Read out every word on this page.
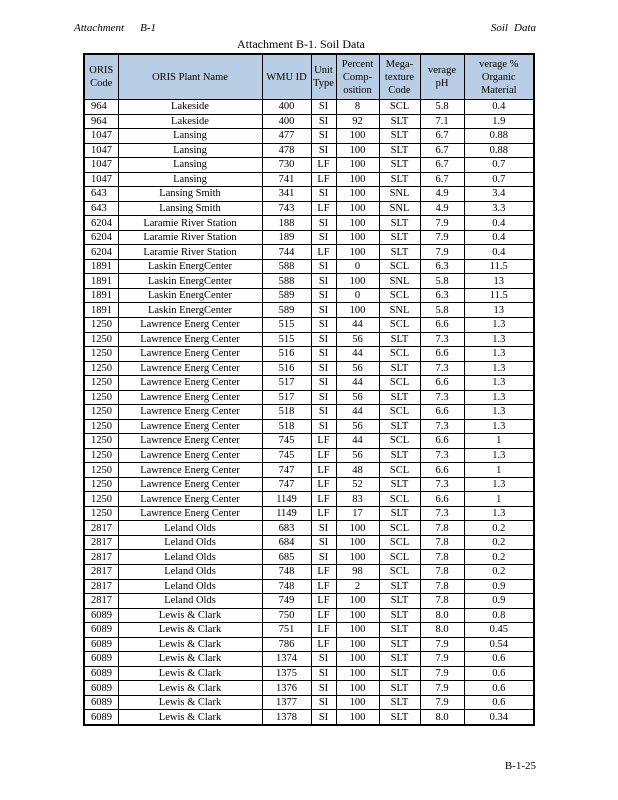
Attachment B-1	Soil Data
Attachment B-1. Soil Data
ORIS Code	ORIS Plant Name	WMU ID	Unit Type	Percent Comp-osition	Mega-texture Code	verage pH	verage % Organic Material
964	Lakeside	400	SI	8	SCL	5.8	0.4
964	Lakeside	400	SI	92	SLT	7.1	1.9
1047	Lansing	477	SI	100	SLT	6.7	0.88
1047	Lansing	478	SI	100	SLT	6.7	0.88
1047	Lansing	730	LF	100	SLT	6.7	0.7
1047	Lansing	741	LF	100	SLT	6.7	0.7
643	Lansing Smith	341	SI	100	SNL	4.9	3.4
643	Lansing Smith	743	LF	100	SNL	4.9	3.3
6204	Laramie River Station	188	SI	100	SLT	7.9	0.4
6204	Laramie River Station	189	SI	100	SLT	7.9	0.4
6204	Laramie River Station	744	LF	100	SLT	7.9	0.4
1891	Laskin EnergCenter	588	SI	0	SCL	6.3	11.5
1891	Laskin EnergCenter	588	SI	100	SNL	5.8	13
1891	Laskin EnergCenter	589	SI	0	SCL	6.3	11.5
1891	Laskin EnergCenter	589	SI	100	SNL	5.8	13
1250	Lawrence Energ Center	515	SI	44	SCL	6.6	1.3
1250	Lawrence Energ Center	515	SI	56	SLT	7.3	1.3
1250	Lawrence Energ Center	516	SI	44	SCL	6.6	1.3
1250	Lawrence Energ Center	516	SI	56	SLT	7.3	1.3
1250	Lawrence Energ Center	517	SI	44	SCL	6.6	1.3
1250	Lawrence Energ Center	517	SI	56	SLT	7.3	1.3
1250	Lawrence Energ Center	518	SI	44	SCL	6.6	1.3
1250	Lawrence Energ Center	518	SI	56	SLT	7.3	1.3
1250	Lawrence Energ Center	745	LF	44	SCL	6.6	1
1250	Lawrence Energ Center	745	LF	56	SLT	7.3	1.3
1250	Lawrence Energ Center	747	LF	48	SCL	6.6	1
1250	Lawrence Energ Center	747	LF	52	SLT	7.3	1.3
1250	Lawrence Energ Center	1149	LF	83	SCL	6.6	1
1250	Lawrence Energ Center	1149	LF	17	SLT	7.3	1.3
2817	Leland Olds	683	SI	100	SCL	7.8	0.2
2817	Leland Olds	684	SI	100	SCL	7.8	0.2
2817	Leland Olds	685	SI	100	SCL	7.8	0.2
2817	Leland Olds	748	LF	98	SCL	7.8	0.2
2817	Leland Olds	748	LF	2	SLT	7.8	0.9
2817	Leland Olds	749	LF	100	SLT	7.8	0.9
6089	Lewis & Clark	750	LF	100	SLT	8.0	0.8
6089	Lewis & Clark	751	LF	100	SLT	8.0	0.45
6089	Lewis & Clark	786	LF	100	SLT	7.9	0.54
6089	Lewis & Clark	1374	SI	100	SLT	7.9	0.6
6089	Lewis & Clark	1375	SI	100	SLT	7.9	0.6
6089	Lewis & Clark	1376	SI	100	SLT	7.9	0.6
6089	Lewis & Clark	1377	SI	100	SLT	7.9	0.6
6089	Lewis & Clark	1378	SI	100	SLT	8.0	0.34
B-1-25
